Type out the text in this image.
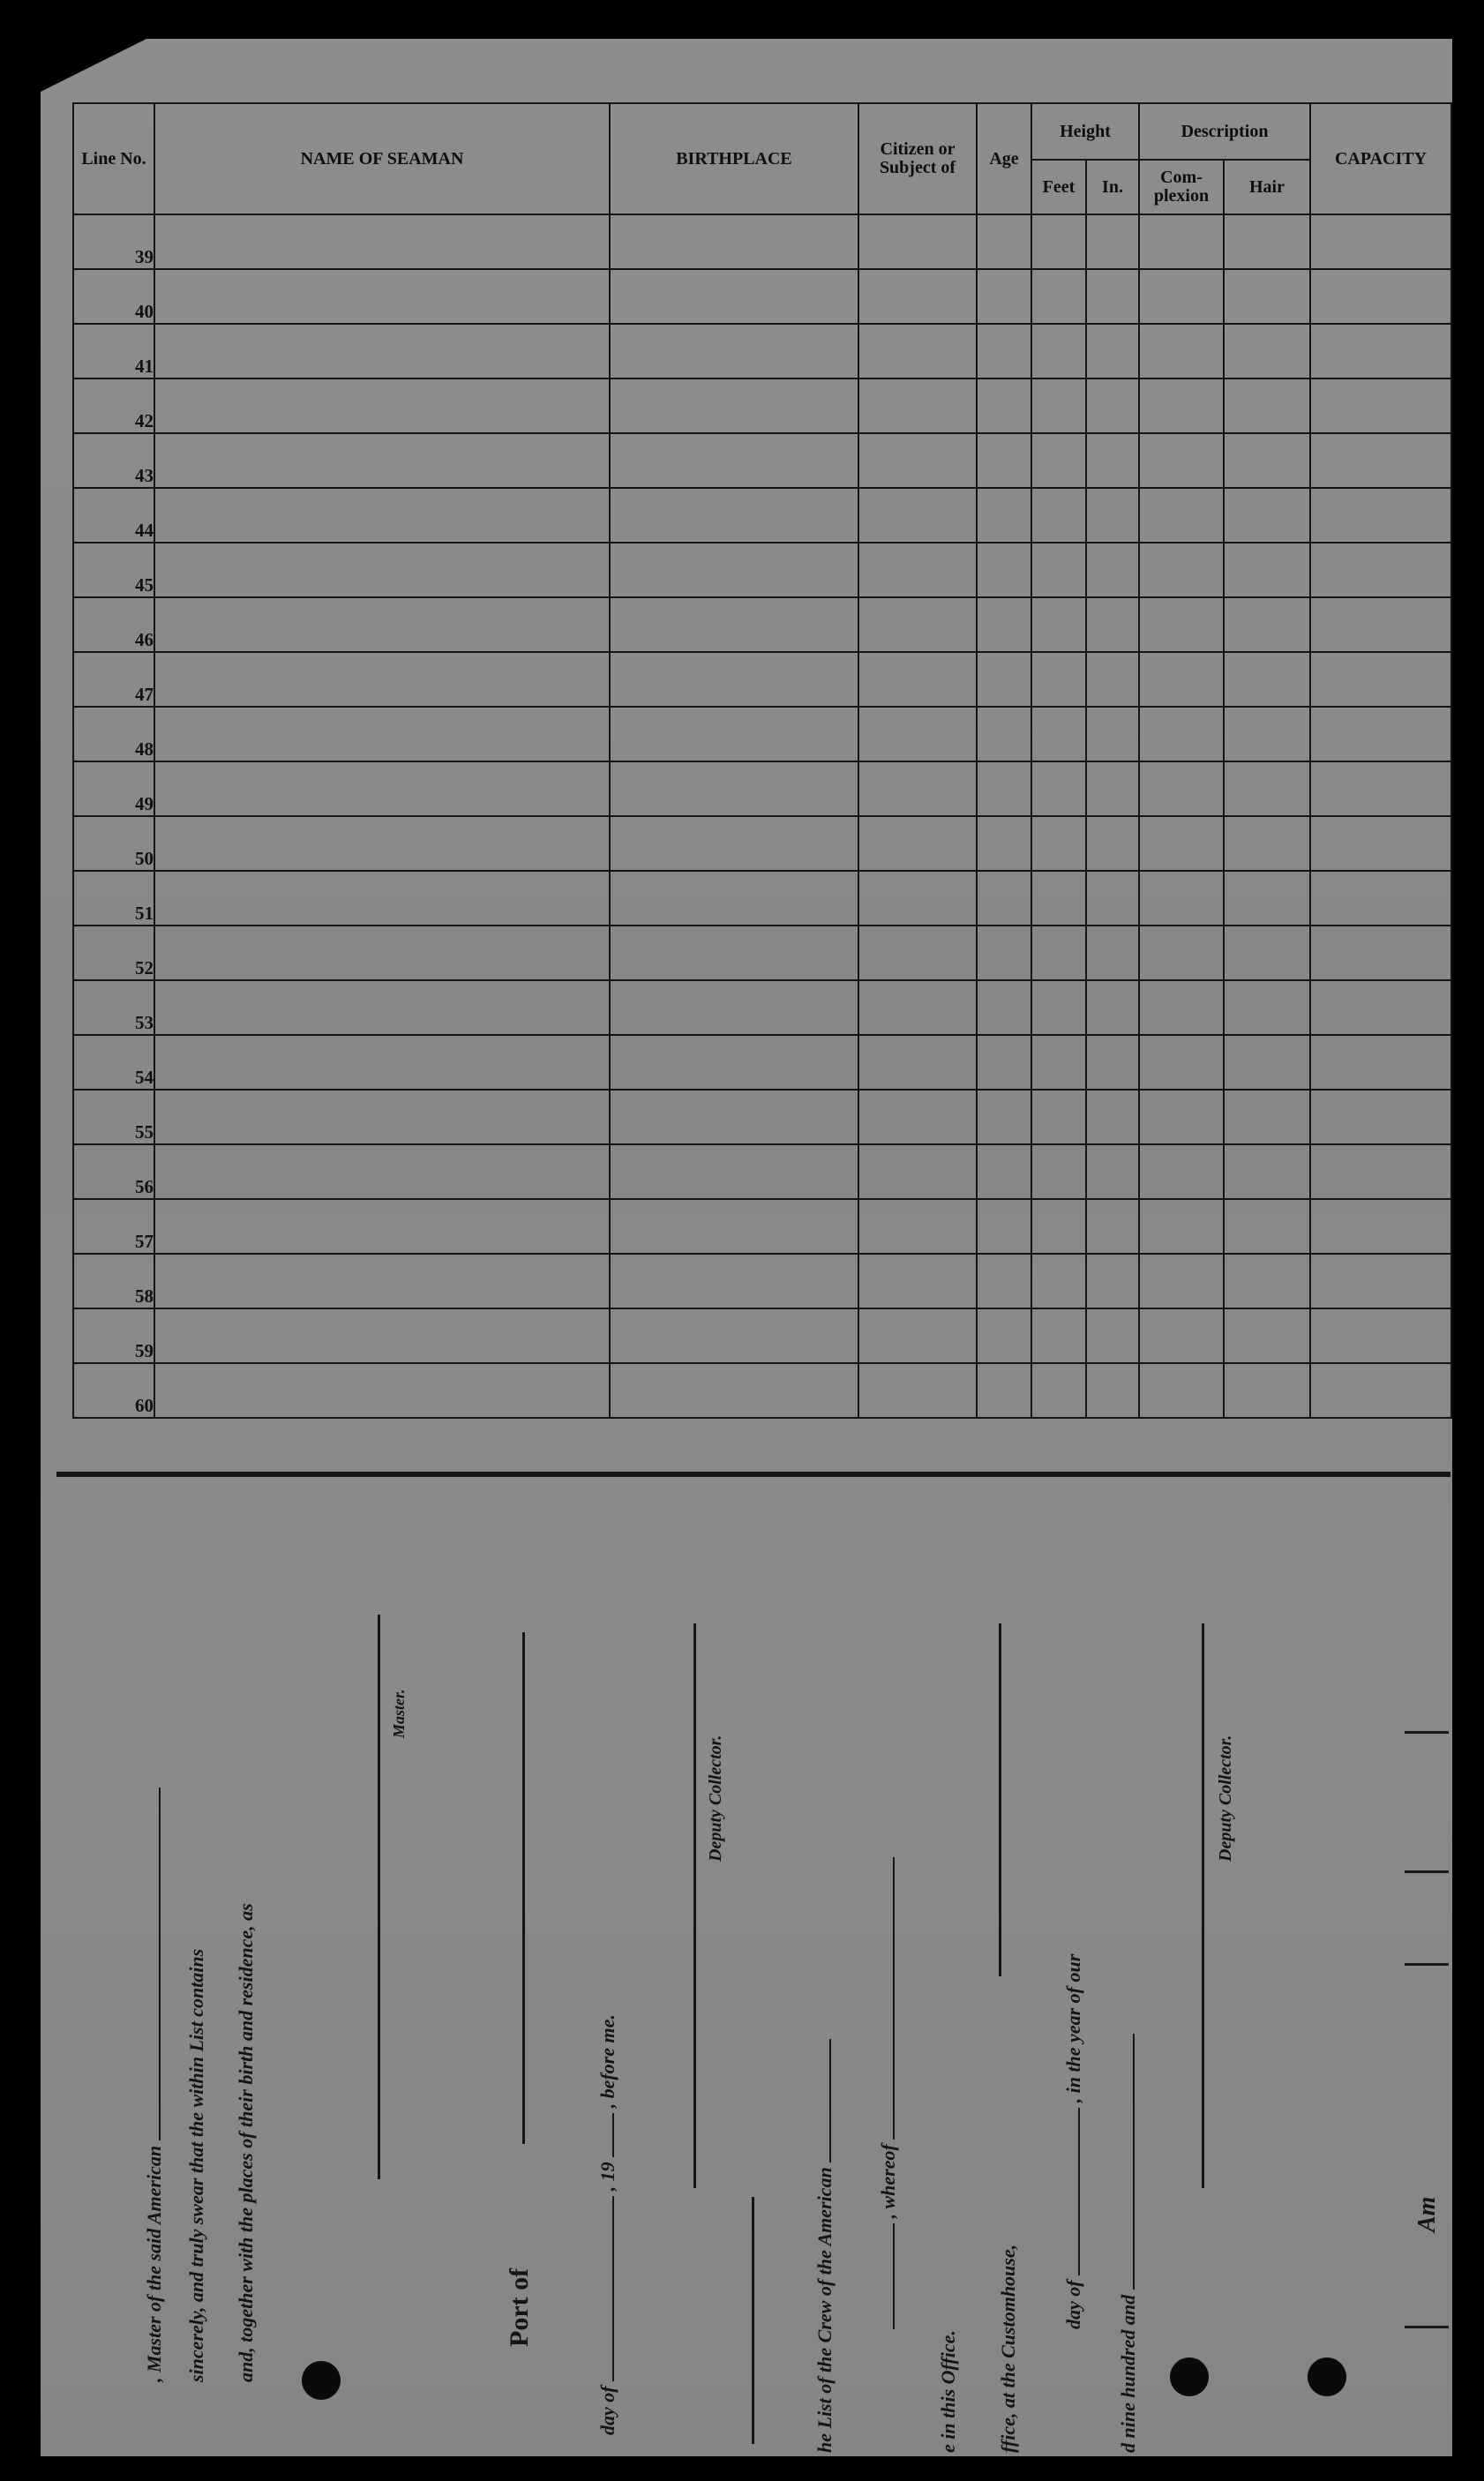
Line No.	NAME OF SEAMAN	BIRTHPLACE	Citizen or Subject of	Age	Height		Description		CAPACITY
					Feet	In.	Com-plexion	Hair	
39									
40									
41									
42									
43									
44									
45									
46									
47									
48									
49									
50									
51									
52									
53									
54									
55									
56									
57									
58									
59									
60									
, Master of the said American sincerely, and truly swear that the within List contains and, together with the places of their birth and residence, as
Master.
Port of
day of  , 19  , before me.
Deputy Collector.
he List of the Crew of the American , whereof
e in this Office. ffice, at the Customhouse, day of  , in the year of our
d nine hundred and
Deputy Collector.
Am
